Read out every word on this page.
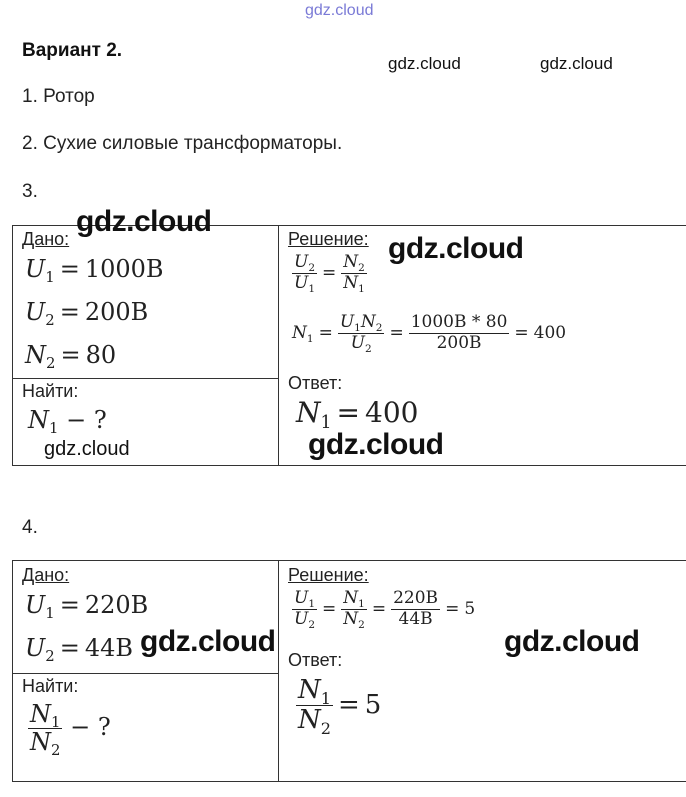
gdz.cloud
Вариант 2.
gdz.cloud	gdz.cloud
1. Ротор
2. Сухие силовые трансформаторы.
3.
Дано:
gdz.cloud
$U_1 = 1000B$
$U_2 = 200B$
$N_2 = 80$
Найти:
$N_1$ − ?
gdz.cloud
Решение: gdz.cloud
$\frac{U_2}{U_1} = \frac{N_2}{N_1}$
$N_1 = \frac{U_1N_2}{U_2} = \frac{1000B * 80}{200B} = 400$
Ответ:
$N_1 = 400$
gdz.cloud
4.
Дано:
$U_1 = 220B$
$U_2 = 44B$ gdz.cloud
Найти:
$\frac{N_1}{N_2}$ − ?
Решение:
$\frac{U_1}{U_2} = \frac{N_1}{N_2} = \frac{220B}{44B} = 5$
gdz.cloud
Ответ:
$\frac{N_1}{N_2} = 5$
